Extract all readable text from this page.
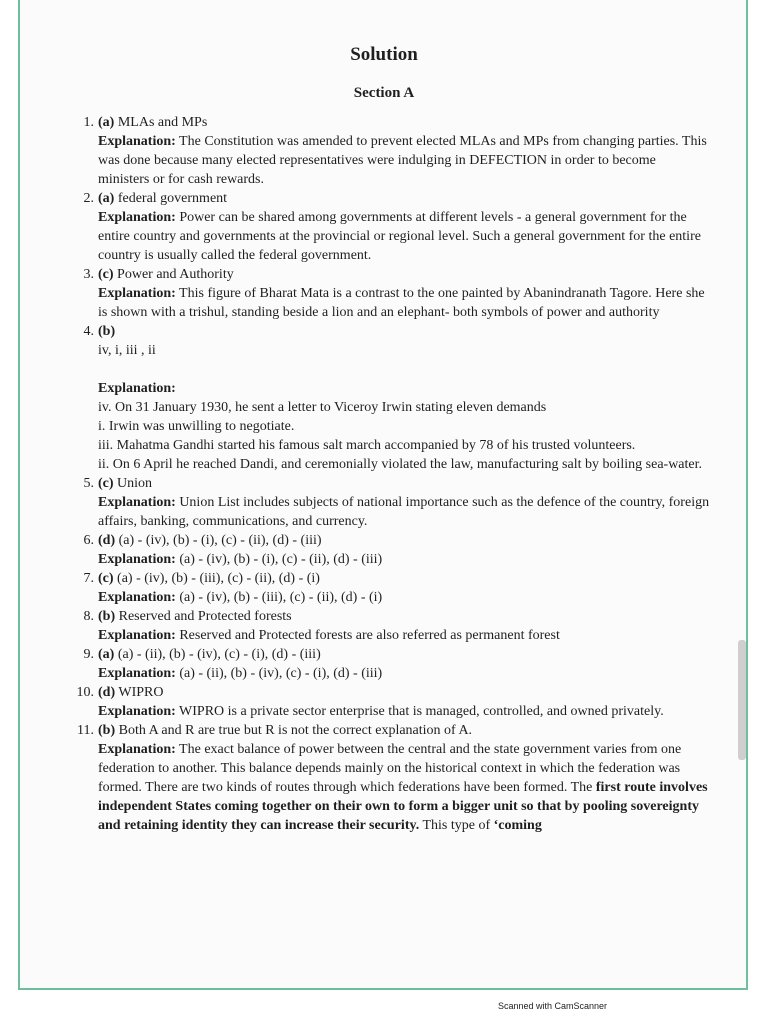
Solution
Section A
1. (a) MLAs and MPs
Explanation: The Constitution was amended to prevent elected MLAs and MPs from changing parties. This was done because many elected representatives were indulging in DEFECTION in order to become ministers or for cash rewards.
2. (a) federal government
Explanation: Power can be shared among governments at different levels - a general government for the entire country and governments at the provincial or regional level. Such a general government for the entire country is usually called the federal government.
3. (c) Power and Authority
Explanation: This figure of Bharat Mata is a contrast to the one painted by Abanindranath Tagore. Here she is shown with a trishul, standing beside a lion and an elephant- both symbols of power and authority
4. (b)
iv, i, iii , ii
Explanation:
iv. On 31 January 1930, he sent a letter to Viceroy Irwin stating eleven demands
i. Irwin was unwilling to negotiate.
iii. Mahatma Gandhi started his famous salt march accompanied by 78 of his trusted volunteers.
ii. On 6 April he reached Dandi, and ceremonially violated the law, manufacturing salt by boiling sea-water.
5. (c) Union
Explanation: Union List includes subjects of national importance such as the defence of the country, foreign affairs, banking, communications, and currency.
6. (d) (a) - (iv), (b) - (i), (c) - (ii), (d) - (iii)
Explanation: (a) - (iv), (b) - (i), (c) - (ii), (d) - (iii)
7. (c) (a) - (iv), (b) - (iii), (c) - (ii), (d) - (i)
Explanation: (a) - (iv), (b) - (iii), (c) - (ii), (d) - (i)
8. (b) Reserved and Protected forests
Explanation: Reserved and Protected forests are also referred as permanent forest
9. (a) (a) - (ii), (b) - (iv), (c) - (i), (d) - (iii)
Explanation: (a) - (ii), (b) - (iv), (c) - (i), (d) - (iii)
10. (d) WIPRO
Explanation: WIPRO is a private sector enterprise that is managed, controlled, and owned privately.
11. (b) Both A and R are true but R is not the correct explanation of A.
Explanation: The exact balance of power between the central and the state government varies from one federation to another. This balance depends mainly on the historical context in which the federation was formed. There are two kinds of routes through which federations have been formed. The first route involves independent States coming together on their own to form a bigger unit so that by pooling sovereignty and retaining identity they can increase their security. This type of ‘coming
Scanned with CamScanner
